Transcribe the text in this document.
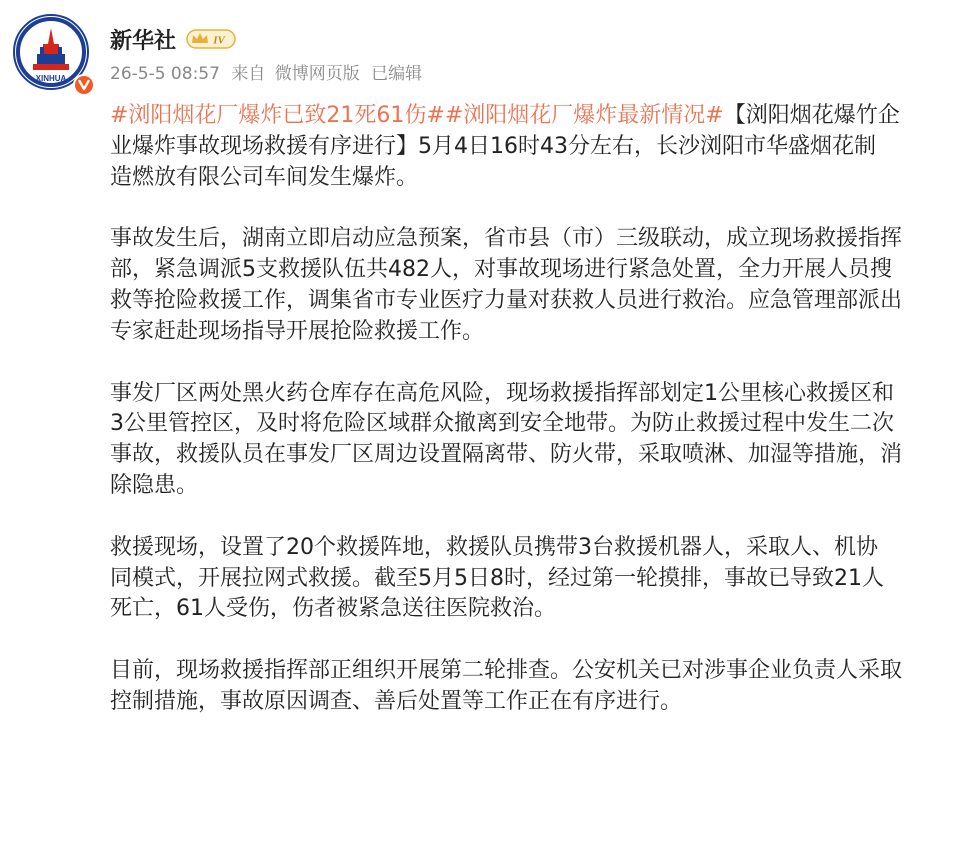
XINHUA
新华社	IV
26-5-5 08:57 来自 微博网页版 已编辑

#浏阳烟花厂爆炸已致21死61伤##浏阳烟花厂爆炸最新情况#【浏阳烟花爆竹企
业爆炸事故现场救援有序进行】5月4日16时43分左右，长沙浏阳市华盛烟花制
造燃放有限公司车间发生爆炸。

事故发生后，湖南立即启动应急预案，省市县（市）三级联动，成立现场救援指挥
部，紧急调派5支救援队伍共482人，对事故现场进行紧急处置，全力开展人员搜
救等抢险救援工作，调集省市专业医疗力量对获救人员进行救治。应急管理部派出
专家赶赴现场指导开展抢险救援工作。

事发厂区两处黑火药仓库存在高危风险，现场救援指挥部划定1公里核心救援区和
3公里管控区，及时将危险区域群众撤离到安全地带。为防止救援过程中发生二次
事故，救援队员在事发厂区周边设置隔离带、防火带，采取喷淋、加湿等措施，消
除隐患。

救援现场，设置了20个救援阵地，救援队员携带3台救援机器人，采取人、机协
同模式，开展拉网式救援。截至5月5日8时，经过第一轮摸排，事故已导致21人
死亡，61人受伤，伤者被紧急送往医院救治。

目前，现场救援指挥部正组织开展第二轮排查。公安机关已对涉事企业负责人采取
控制措施，事故原因调查、善后处置等工作正在有序进行。
